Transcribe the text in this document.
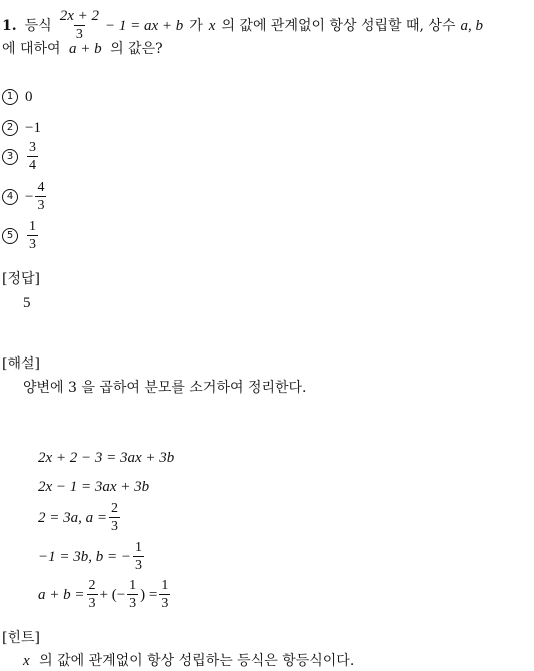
1. 등식 $\frac{2x + 2}{3} - 1$ = ax + b 가 x 의 값에 관계없이 항상 성립할 때, 상수 a, b
에 대하여 a + b 의 값은?
1 0
2 −1
$3 \frac{3}{4}$
$4 - \frac{4}{3}$
$5 \frac{1}{3}$
[정답]
5
[해설]
양변에 3 을 곱하여 분모를 소거하여 정리한다.
2x + 2 − 3 = 3ax + 3b
2x − 1 = 3ax + 3b
2 = 3a, $a = \frac{2}{3}$
−1 = 3b, b = − $\frac{1}{3}$
$a + b = \frac{2}{3}$ + (− $\frac{1}{3}$ ) = $\frac{1}{3}$
[힌트]
x 의 값에 관계없이 항상 성립하는 등식은 항등식이다.
